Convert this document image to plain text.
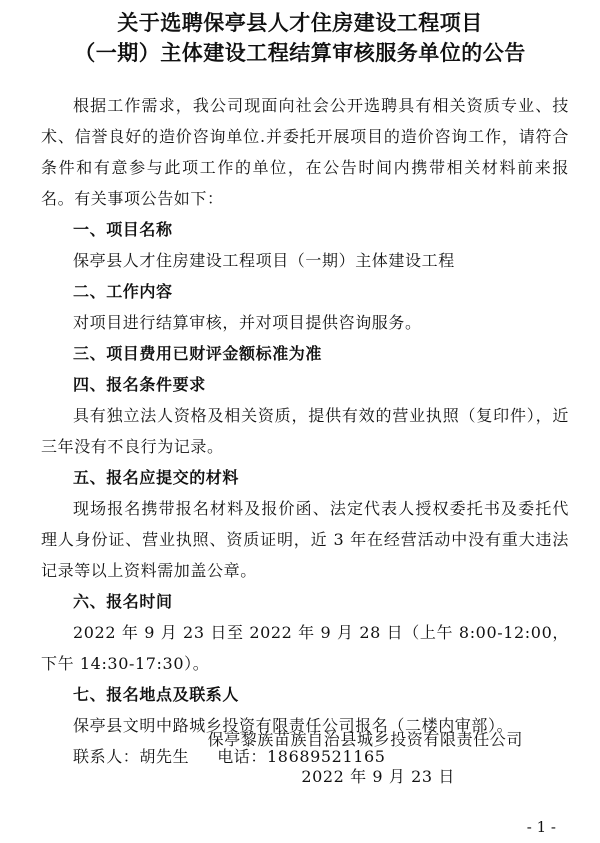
关于选聘保亭县人才住房建设工程项目
（一期）主体建设工程结算审核服务单位的公告

根据工作需求，我公司现面向社会公开选聘具有相关资质专业、技术、信誉良好的造价咨询单位.并委托开展项目的造价咨询工作，请符合条件和有意参与此项工作的单位，在公告时间内携带相关材料前来报名。有关事项公告如下：

一、项目名称

保亭县人才住房建设工程项目（一期）主体建设工程

二、工作内容

对项目进行结算审核，并对项目提供咨询服务。

三、项目费用已财评金额标准为准

四、报名条件要求

具有独立法人资格及相关资质，提供有效的营业执照（复印件），近三年没有不良行为记录。

五、报名应提交的材料

现场报名携带报名材料及报价函、法定代表人授权委托书及委托代理人身份证、营业执照、资质证明，近 3 年在经营活动中没有重大违法记录等以上资料需加盖公章。

六、报名时间

2022 年 9 月 23 日至 2022 年 9 月 28 日（上午 8:00-12:00，下午 14:30-17:30）。

七、报名地点及联系人

保亭县文明中路城乡投资有限责任公司报名（二楼内审部）。

联系人：胡先生 电话：18689521165

保亭黎族苗族自治县城乡投资有限责任公司
2022 年 9 月 23 日
- 1 -
